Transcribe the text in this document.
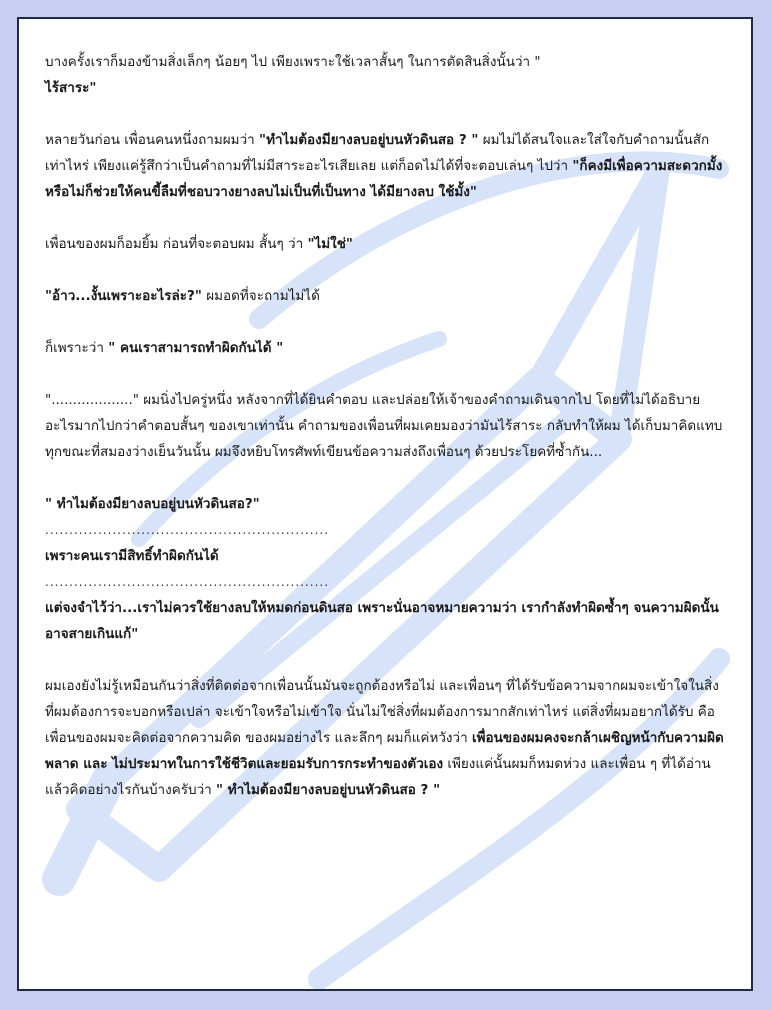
บางครั้งเราก็มองข้ามสิ่งเล็กๆ น้อยๆ ไป เพียงเพราะใช้เวลาสั้นๆ ในการตัดสินสิ่งนั้นว่า "
ไร้สาระ"

หลายวันก่อน เพื่อนคนหนึ่งถามผมว่า "ทำไมต้องมียางลบอยู่บนหัวดินสอ ? " ผมไม่ได้สนใจและใส่ใจกับคำถามนั้นสักเท่าไหร่ เพียงแค่รู้สึกว่าเป็นคำถามที่ไม่มีสาระอะไรเสียเลย แต่ก็อดไม่ได้ที่จะตอบเล่นๆ ไปว่า "ก็คงมีเพื่อความสะดวกมั้ง หรือไม่ก็ช่วยให้คนขี้ลืมที่ชอบวางยางลบไม่เป็นที่เป็นทาง ได้มียางลบ ใช้มั้ง"

เพื่อนของผมก็อมยิ้ม ก่อนที่จะตอบผม สั้นๆ ว่า "ไม่ใช่"

"อ้าว...งั้นเพราะอะไรล่ะ?" ผมอดที่จะถามไม่ได้

ก็เพราะว่า " คนเราสามารถทำผิดกันได้ "

"..................." ผมนิ่งไปครู่หนึ่ง หลังจากที่ได้ยินคำตอบ และปล่อยให้เจ้าของคำถามเดินจากไป โดยที่ไม่ได้อธิบายอะไรมากไปกว่าคำตอบสั้นๆ ของเขาเท่านั้น คำถามของเพื่อนที่ผมเคยมองว่ามันไร้สาระ กลับทำให้ผม ได้เก็บมาคิดแทบทุกขณะที่สมองว่างเย็นวันนั้น ผมจึงหยิบโทรศัพท์เขียนข้อความส่งถึงเพื่อนๆ ด้วยประโยคที่ซ้ำกัน...

" ทำไมต้องมียางลบอยู่บนหัวดินสอ?"

...........................................................

เพราะคนเรามีสิทธิ์ทำผิดกันได้

...........................................................

แต่จงจำไว้ว่า...เราไม่ควรใช้ยางลบให้หมดก่อนดินสอ เพราะนั่นอาจหมายความว่า เรากำลังทำผิดซ้ำๆ จนความผิดนั้นอาจสายเกินแก้"

ผมเองยังไม่รู้เหมือนกันว่าสิ่งที่ติดต่อจากเพื่อนนั้นมันจะถูกต้องหรือไม่ และเพื่อนๆ ที่ได้รับข้อความจากผมจะเข้าใจในสิ่งที่ผมต้องการจะบอกหรือเปล่า จะเข้าใจหรือไม่เข้าใจ นั่นไม่ใช่สิ่งที่ผมต้องการมากสักเท่าไหร่ แต่สิ่งที่ผมอยากได้รับ คือ เพื่อนของผมจะคิดต่อจากความคิด ของผมอย่างไร และลึกๆ ผมก็แค่หวังว่า เพื่อนของผมคงจะกล้าเผชิญหน้ากับความผิดพลาด และ ไม่ประมาทในการใช้ชีวิตและยอมรับการกระทำของตัวเอง เพียงแค่นั้นผมก็หมดห่วง และเพื่อน ๆ ที่ได้อ่านแล้วคิดอย่างไรกันบ้างครับว่า " ทำไมต้องมียางลบอยู่บนหัวดินสอ ? "
